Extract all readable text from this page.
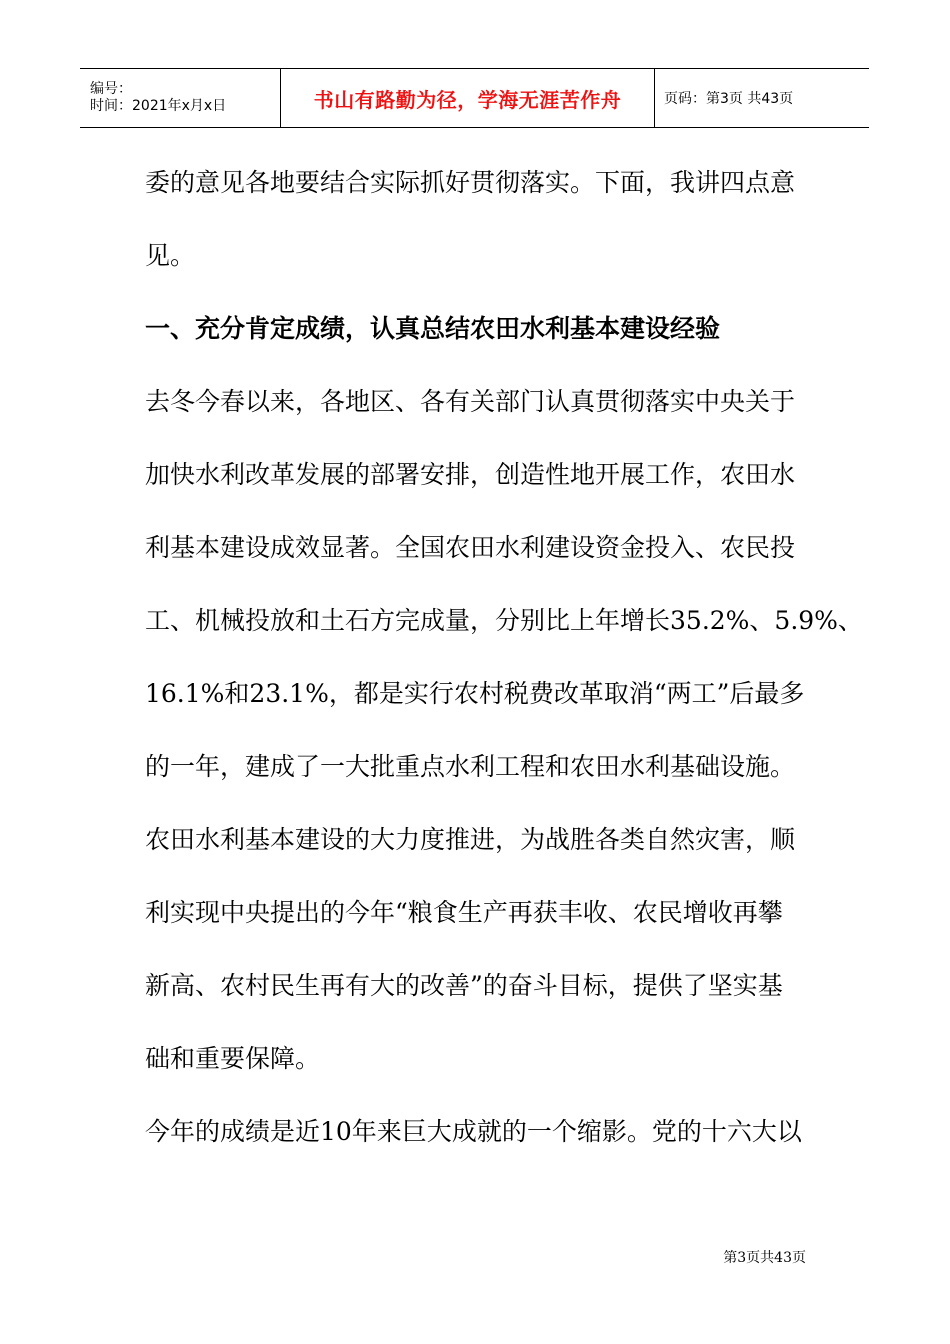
编号：
时间：2021年x月x日	书山有路勤为径，学海无涯苦作舟	页码：第3页 共43页
委的意见各地要结合实际抓好贯彻落实。下面，我讲四点意
见。
一、充分肯定成绩，认真总结农田水利基本建设经验
去冬今春以来，各地区、各有关部门认真贯彻落实中央关于
加快水利改革发展的部署安排，创造性地开展工作，农田水
利基本建设成效显著。全国农田水利建设资金投入、农民投
工、机械投放和土石方完成量，分别比上年增长35.2%、5.9%、
16.1%和23.1%，都是实行农村税费改革取消“两工”后最多
的一年，建成了一大批重点水利工程和农田水利基础设施。
农田水利基本建设的大力度推进，为战胜各类自然灾害，顺
利实现中央提出的今年“粮食生产再获丰收、农民增收再攀
新高、农村民生再有大的改善”的奋斗目标，提供了坚实基
础和重要保障。
今年的成绩是近10年来巨大成就的一个缩影。党的十六大以
第3页共43页
